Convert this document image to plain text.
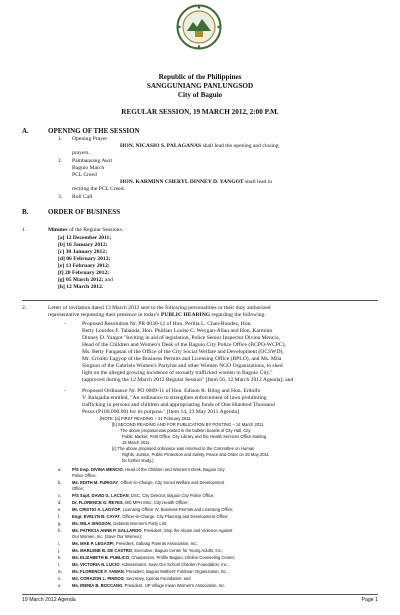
Republic of the Philippines
SANGGUNIANG PANLUNGSOD
City of Baguio
REGULAR SESSION, 19 MARCH 2012, 2:00 P.M.
A.	OPENING OF THE SESSION
1. Opening Prayer
HON. NICASIO S. PALAGANAS shall lead the opening and closing
prayers.
2. Pambansang Awit
Baguio March
PCL Creed
HON. KARMINN CHERYL DINNEY D. YANGOT shall lead in
reciting the PCL Creed.
3. Roll Call
B.	ORDER OF BUSINESS
1.	Minutes of the Regular Sessions:
[a] 12 December 2011;
[b] 16 January 2012;
[c] 30 January 2012;
[d] 06 February 2012;
[e] 13 February 2012;
[f] 20 February 2012;
[g] 05 March 2012; and
[h] 12 March 2012.
2.	Letter of invitation dated 13 March 2012 sent to the following personalities or their duly authorized
representative requesting their presence in today's PUBLIC HEARING regarding the following:
-	Proposed Resolution Nr. PR 0030-12 of Hon. Perlita L. Chan-Rondez, Hon.
Betty Lourdes F. Tabanda, Hon. Phillian Louise C. Weygan-Allan and Hon. Karminn
Dinney D. Yangot "Inviting in aid of legislation, Police Senior Inspector Divina Mencio,
Head of the Children and Women's Desk of the Baguio City Police Office (BCPO-WCPC),
Ms. Betty Fangasan of the Office of the City Social Welfare and Development (OCSWD),
Mr. Cristito Lagyop of the Business Permits and Licensing Office (BPLO), and Ms. Mila
Singson of the Gabriela Women's Partylist and other Women NGO Organizations, to shed
light on the alleged growing incidence of sexually trafficked women in Baguio City."
(approved during the 12 March 2012 Regular Session" [Item 56, 12 March 2012 Agenda]; and
-	Proposed Ordinance Nr. PO 0009-11 of Hon. Edison R. Bilog and Hon. Erdolfo
V. Balajadia entitled, "An ordinance to strengthen enforcement of laws prohibiting
trafficking in persons and children and appropriating funds of One Hundred Thousand
Pesos (P100,000.00) for its purpose." [Item 14, 23 May 2011 Agenda]
[NOTE: [a] FIRST READING – 21 February 2011
[b] SECOND READING AND FOR PUBLICATION BY POSTING – 14 March 2011
- The above proposal was posted in the bulletin boards of City Hall, City
Public Market, Post Office, City Library and the Health Services Office starting
15 March 2011.
[c] The above proposed ordinance was returned to the Committee on Human
Rights, Justice, Public Protection and Safety, Peace and Order on 25 May 2011
for further study.)
a.	P/S Insp. DIVINA MENCIO, Head of the Children and Women's Desk, Baguio City
Police Office;
b.	Ms. EDITH M. FURIGAY, Officer-in-Charge, City Social Welfare and Development
Office;
c.	P/S Supt. DAVID G. LACDAN, DSC, City Director, Baguio City Police Office;
d.	Dr. FLORENCE G. REYES, MD MPH MSc, City Health Officer;
e.	Mr. CRISTIO A. LAGYOP, Licensing Officer IV, Business Permits and Licensing Office;
f.	Engr. EVELYN B. CAYAT, Officer-in-Charge, City Planning and Development Office;
g.	Ms. MILA SINGSON, Gabriela Women's Party List;
h.	Ms. PATRICIA ANNE P. GALLARDO, President, Stop the Abuse and Violence Against
Our Women, Inc. (Save Our Women);
i.	Ms. MAE P. LEGASPI, President, Sabang Parents Association, Inc.;
j.	Ms. MARLENE B. DE CASTRO, Executive, Baguio Center for Young Adults, Inc.;
k.	Ms. ELIZABETH B. PUBLICO, Chairperson, Profile Baguio, Lifeline Counseling Center;
l.	Ms. VICTORIA N. LUCIO, Administrator, Save Our School Children Foundation, Inc.;
m. Ms. FLORENCE F. YAWAN, President, Baguio Mothers' Foldman Organization, Inc.;
n.	Ms. CORAZON L. PINDOG, Secretary, Igorota Foundation; and
o.	Ms. IRENIA B. BOCCANG, President, UP Village Iriean Women's Association, Inc.
19 March 2012 Agenda	Page 1
